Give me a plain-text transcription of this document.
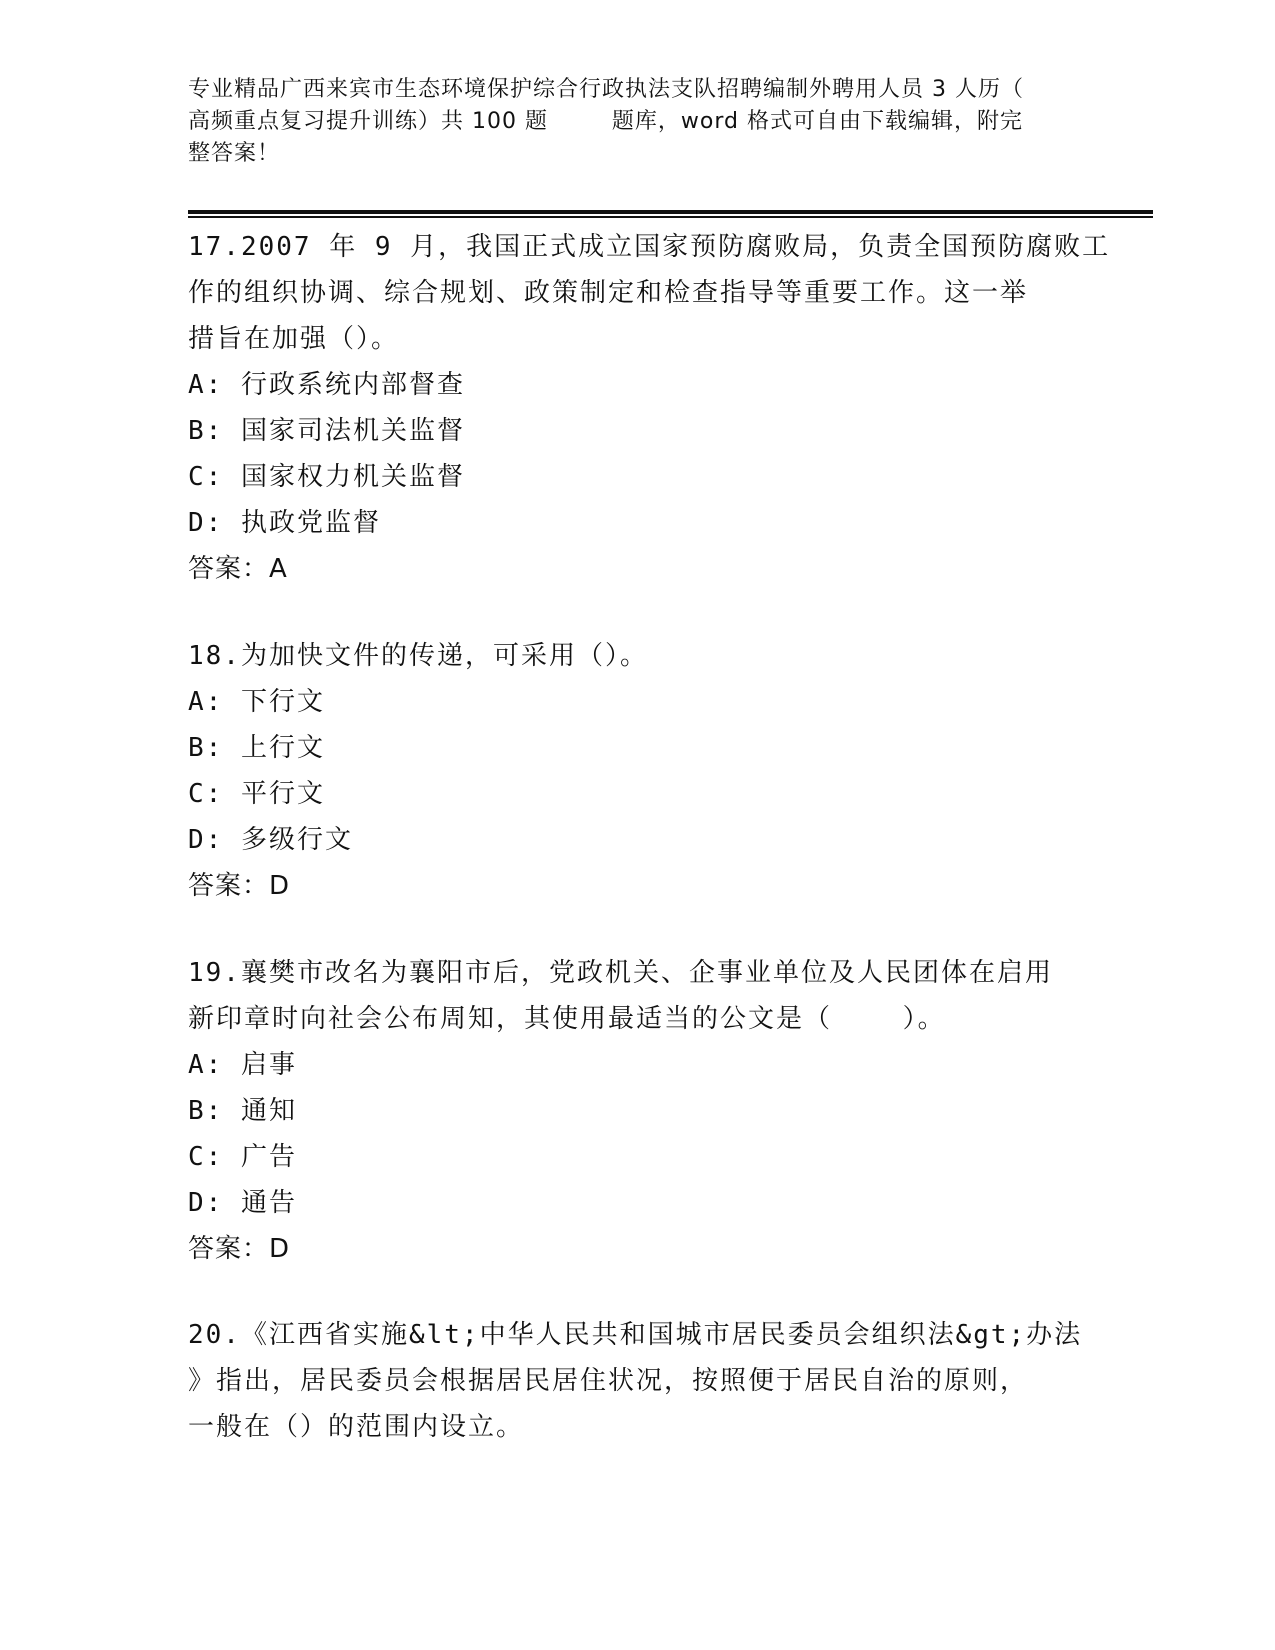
专业精品广西来宾市生态环境保护综合行政执法支队招聘编制外聘用人员 3 人历（
高频重点复习提升训练）共 100 题        题库，word 格式可自由下载编辑，附完
整答案！
17.2007 年 9 月，我国正式成立国家预防腐败局，负责全国预防腐败工
作的组织协调、综合规划、政策制定和检查指导等重要工作。这一举
措旨在加强（）。
A: 行政系统内部督查
B: 国家司法机关监督
C: 国家权力机关监督
D: 执政党监督
答案：A
18.为加快文件的传递，可采用（）。
A: 下行文
B: 上行文
C: 平行文
D: 多级行文
答案：D
19.襄樊市改名为襄阳市后，党政机关、企事业单位及人民团体在启用
新印章时向社会公布周知，其使用最适当的公文是（    ）。
A: 启事
B: 通知
C: 广告
D: 通告
答案：D
20.《江西省实施&lt;中华人民共和国城市居民委员会组织法&gt;办法
》指出，居民委员会根据居民居住状况，按照便于居民自治的原则，
一般在（）的范围内设立。
